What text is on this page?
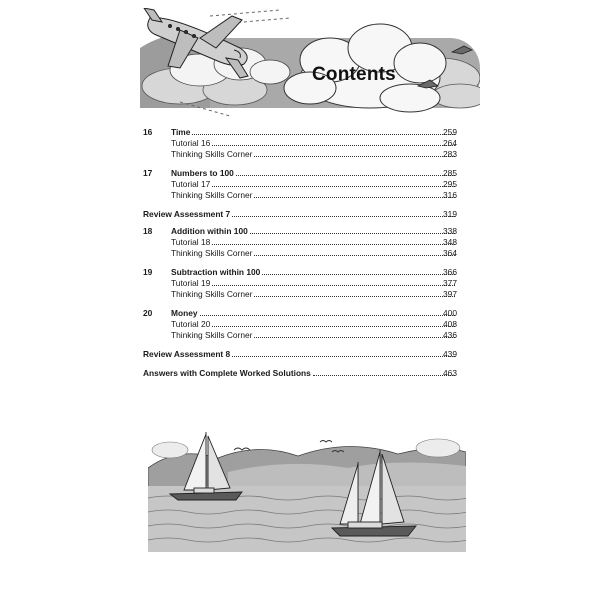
Contents
16 Time	259
Tutorial 16	264
Thinking Skills Corner	283
17 Numbers to 100	285
Tutorial 17	295
Thinking Skills Corner	316
Review Assessment 7	319
18 Addition within 100	338
Tutorial 18	348
Thinking Skills Corner	364
19 Subtraction within 100	366
Tutorial 19	377
Thinking Skills Corner	397
20 Money	400
Tutorial 20	408
Thinking Skills Corner	436
Review Assessment 8	439
Answers with Complete Worked Solutions	463
